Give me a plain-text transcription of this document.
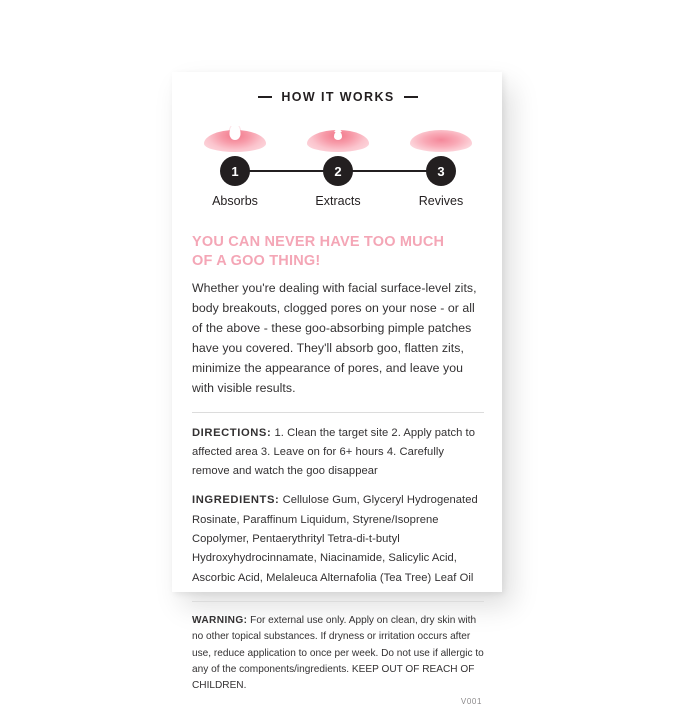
HOW IT WORKS
1	2	3
Absorbs	Extracts	Revives
YOU CAN NEVER HAVE TOO MUCH
OF A GOO THING!
Whether you're dealing with facial surface-level zits, body breakouts, clogged pores on your nose - or all of the above - these goo-absorbing pimple patches have you covered. They'll absorb goo, flatten zits, minimize the appearance of pores, and leave you with visible results.
DIRECTIONS: 1. Clean the target site 2. Apply patch to affected area 3. Leave on for 6+ hours 4. Carefully remove and watch the goo disappear
INGREDIENTS: Cellulose Gum, Glyceryl Hydrogenated Rosinate, Paraffinum Liquidum, Styrene/Isoprene Copolymer, Pentaerythrityl Tetra-di-t-butyl Hydroxyhydrocinnamate, Niacinamide, Salicylic Acid, Ascorbic Acid, Melaleuca Alternafolia (Tea Tree) Leaf Oil
WARNING: For external use only. Apply on clean, dry skin with no other topical substances. If dryness or irritation occurs after use, reduce application to once per week. Do not use if allergic to any of the components/ingredients. KEEP OUT OF REACH OF CHILDREN.
V001
